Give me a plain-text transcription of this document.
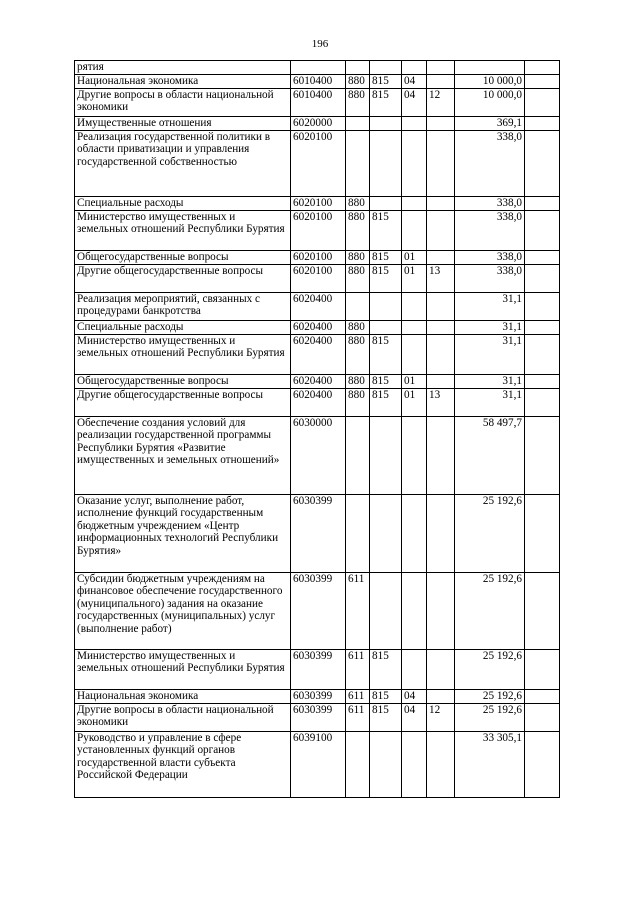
196
рятия							
Национальная экономика	6010400	880	815	04		10 000,0	
Другие вопросы в области национальной экономики	6010400	880	815	04	12	10 000,0	
Имущественные отношения	6020000					369,1	
Реализация государственной политики в области приватизации и управления государственной собственностью	6020100					338,0	
Специальные расходы	6020100	880				338,0	
Министерство имущественных и земельных отношений Республики Бурятия	6020100	880	815			338,0	
Общегосударственные вопросы	6020100	880	815	01		338,0	
Другие общегосударственные вопросы	6020100	880	815	01	13	338,0	
Реализация мероприятий, связанных с процедурами банкротства	6020400					31,1	
Специальные расходы	6020400	880				31,1	
Министерство имущественных и земельных отношений Республики Бурятия	6020400	880	815			31,1	
Общегосударственные вопросы	6020400	880	815	01		31,1	
Другие общегосударственные вопросы	6020400	880	815	01	13	31,1	
Обеспечение создания условий для реализации государственной программы Республики Бурятия «Развитие имущественных и земельных отношений»	6030000					58 497,7	
Оказание услуг, выполнение работ, исполнение функций государственным бюджетным учреждением «Центр информационных технологий Республики Бурятия»	6030399					25 192,6	
Субсидии бюджетным учреждениям на финансовое обеспечение государственного (муниципального) задания на оказание государственных (муниципальных) услуг (выполнение работ)	6030399	611				25 192,6	
Министерство имущественных и земельных отношений Республики Бурятия	6030399	611	815			25 192,6	
Национальная экономика	6030399	611	815	04		25 192,6	
Другие вопросы в области национальной экономики	6030399	611	815	04	12	25 192,6	
Руководство и управление в сфере установленных функций органов государственной власти субъекта Российской Федерации	6039100					33 305,1	
